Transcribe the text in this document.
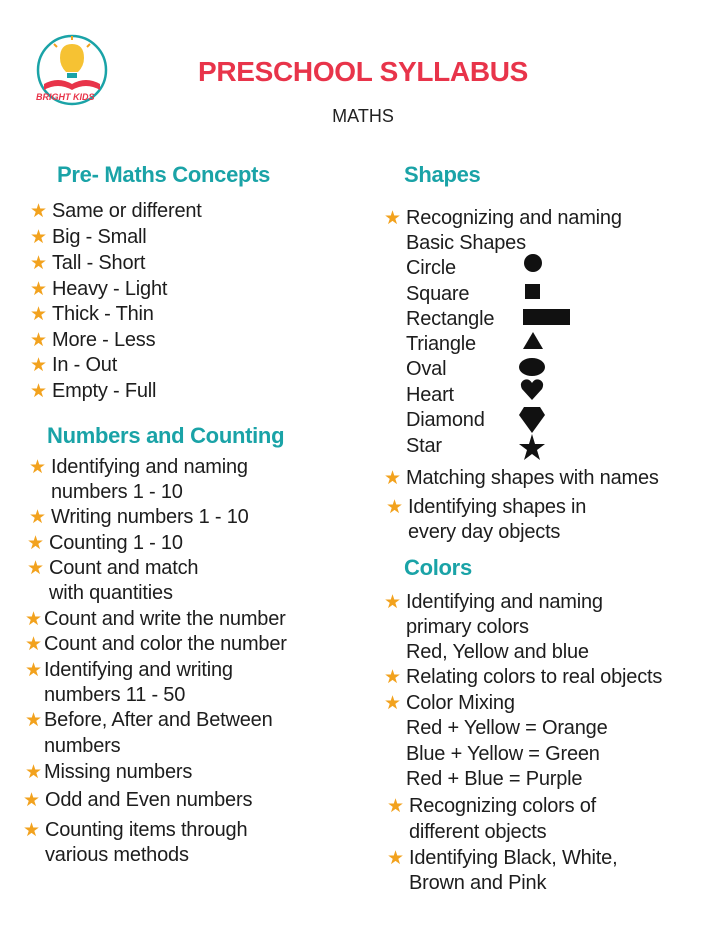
BRIGHT KIDS
PRESCHOOL SYLLABUS
MATHS
Pre- Maths Concepts
★ Same or different
★ Big - Small
★ Tall - Short
★ Heavy - Light
★ Thick - Thin
★ More - Less
★ In - Out
★ Empty - Full
Numbers and Counting
★ Identifying and naming
numbers 1 - 10
★ Writing numbers 1 - 10
★ Counting 1 - 10
★ Count and match
with quantities
★ Count and write the number
★ Count and color the number
★ Identifying and writing
numbers 11 - 50
★ Before, After and Between
numbers
★ Missing numbers
★ Odd and Even numbers
★ Counting items through
various methods
Shapes
★ Recognizing and naming
Basic Shapes
Circle
Square
Rectangle
Triangle
Oval
Heart
Diamond
Star
★ Matching shapes with names
★ Identifying shapes in
every day objects
Colors
★ Identifying and naming
primary colors
Red, Yellow and blue
★ Relating colors to real objects
★ Color Mixing
Red + Yellow = Orange
Blue + Yellow = Green
Red + Blue = Purple
★ Recognizing colors of
different objects
★ Identifying Black, White,
Brown and Pink
